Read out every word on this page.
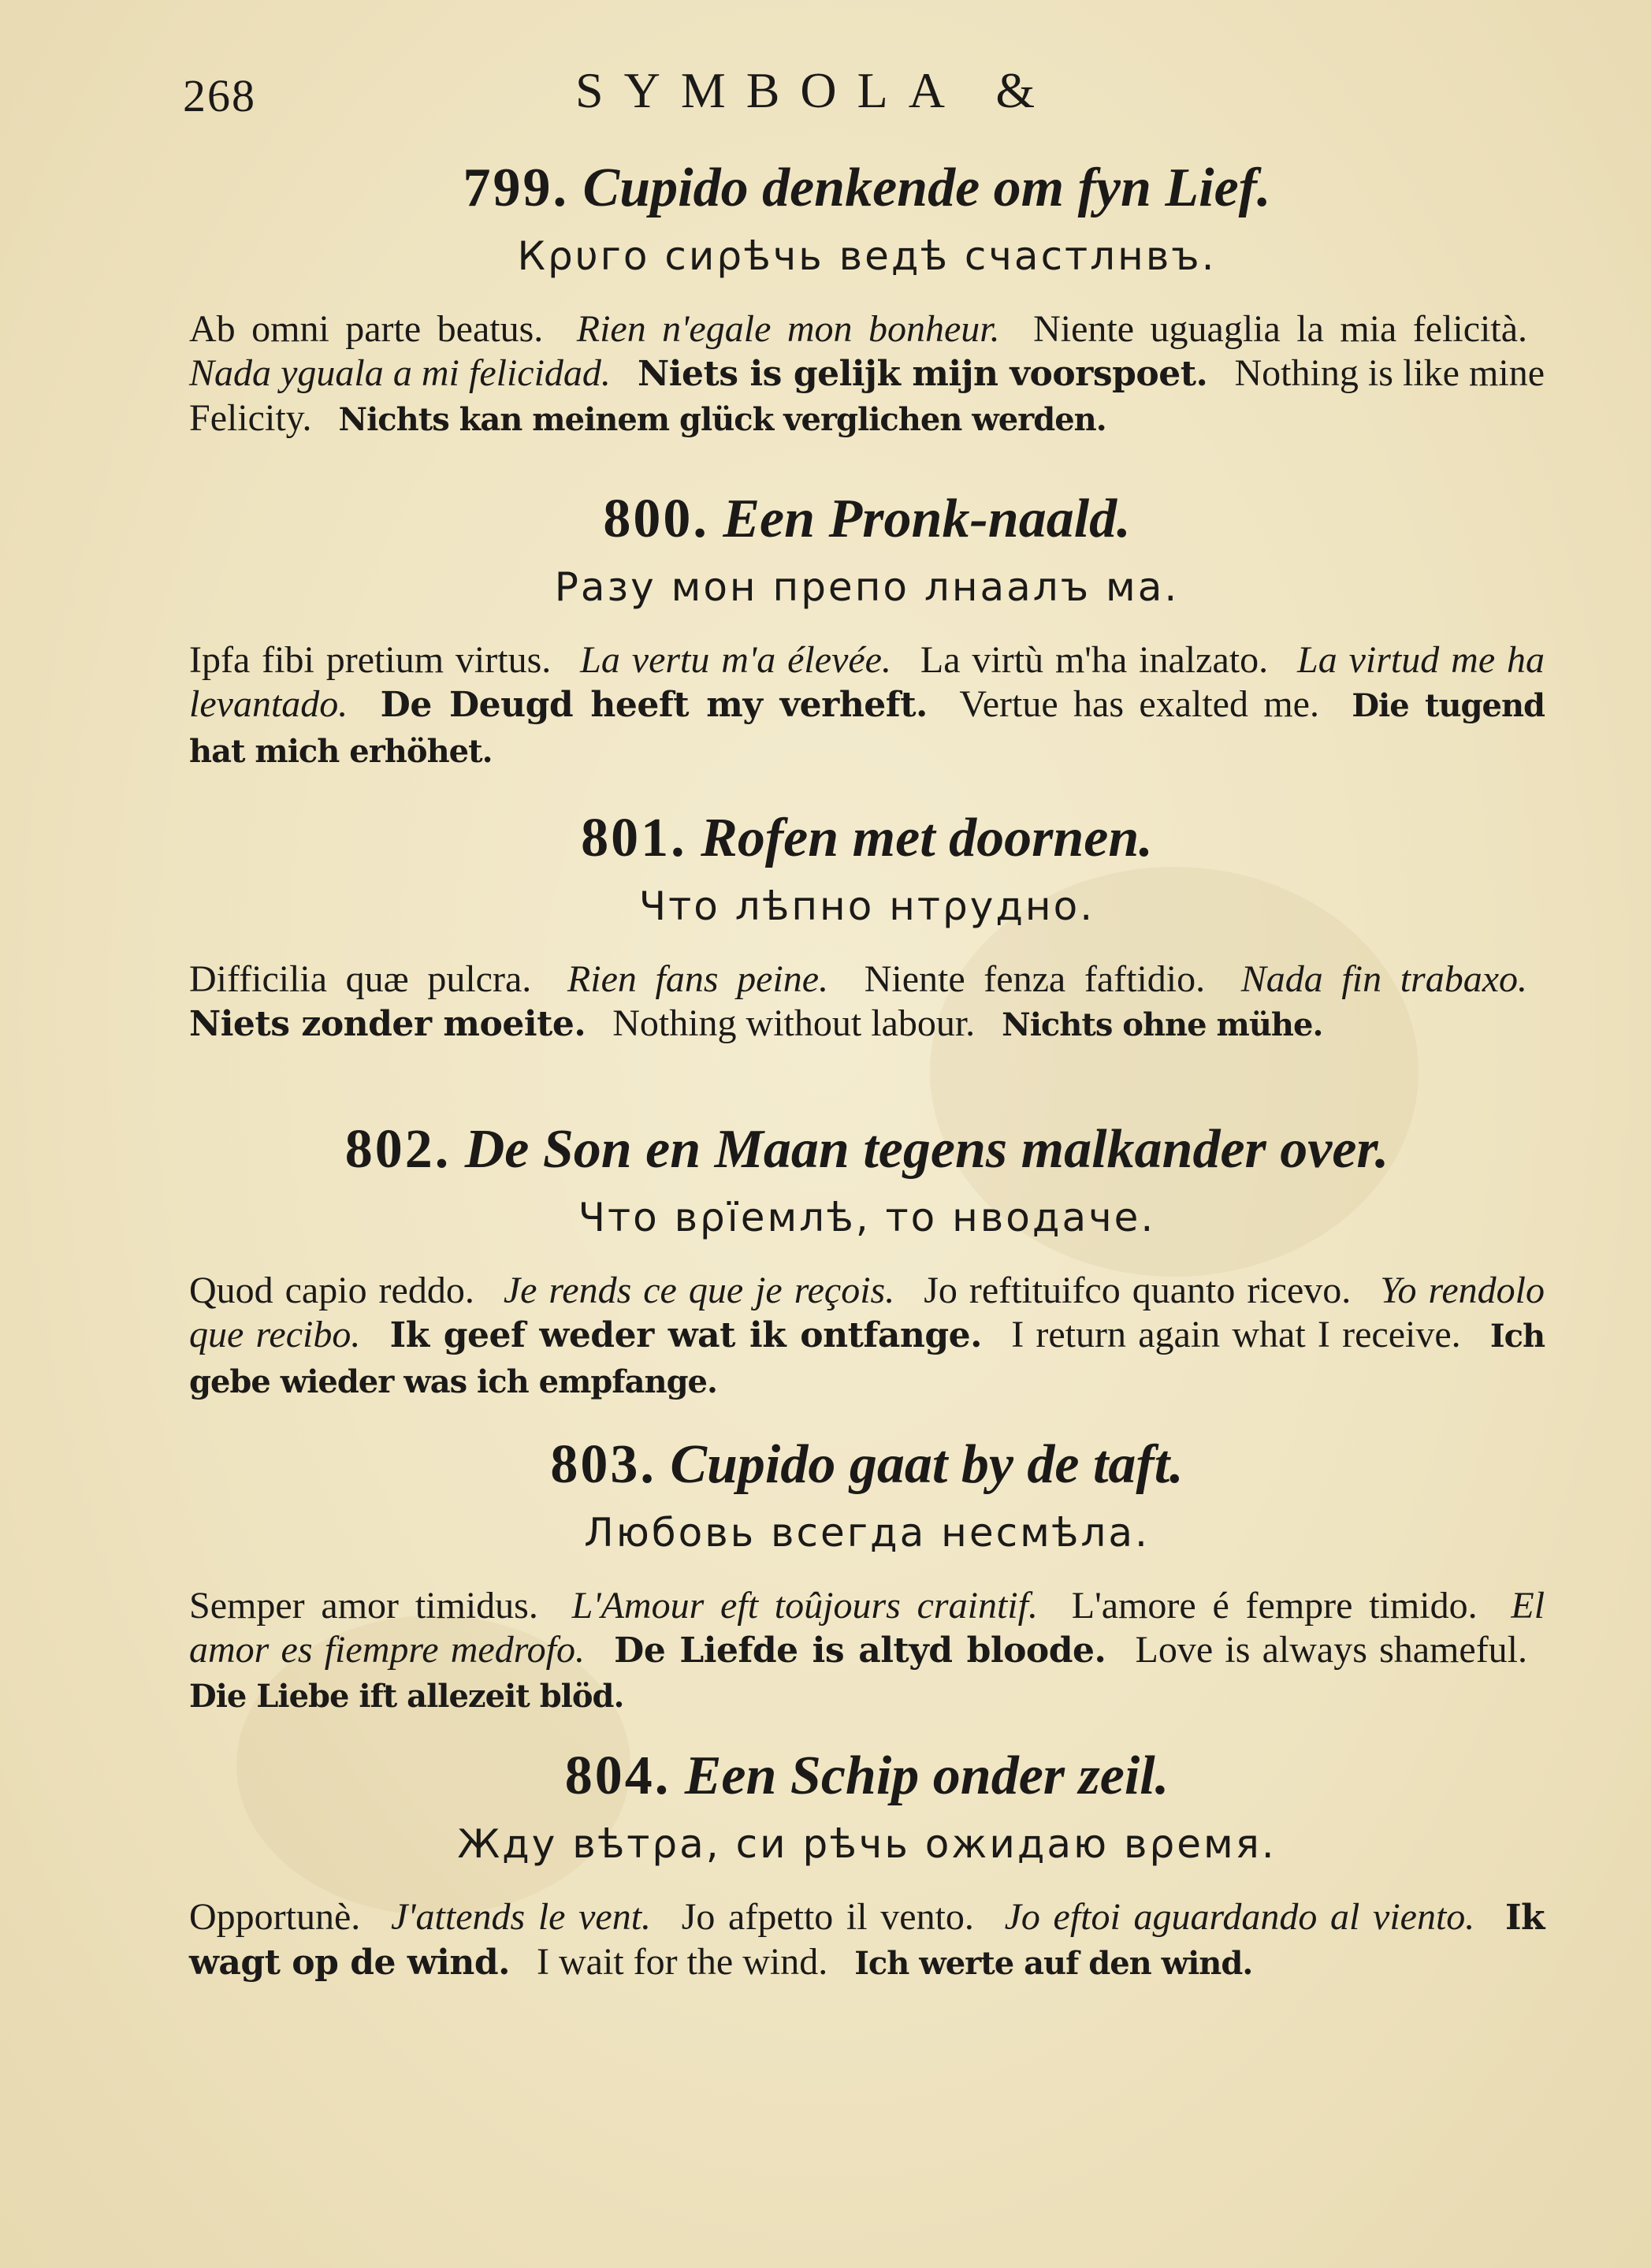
268	SYMBOLA &
799. Cupido denkende om fyn Lief.
Кρυгο сиρѣчь ведѣ счастлнвъ.

Ab omni parte beatus. Rien n'egale mon bonheur. Niente uguaglia la mia felicità. Nada yguala a mi felicidad. Niets is gelijk mijn voorspoet. Nothing is like mine Felicity. Nichts kan meinem glück verglichen werden.

800. Een Pronk-naald.
Ρазу мон препо лнаалъ ма.

Ipfa fibi pretium virtus. La vertu m'a élevée. La virtù m'ha inalzato. La virtud me ha levantado. De Deugd heeft my verheft. Vertue has exalted me. Die tugend hat mich erhöhet.

801. Rofen met doornen.
Что лѣпно нтρудно.

Difficilia quæ pulcra. Rien fans peine. Niente fenza faftidio. Nada fin trabaxo. Niets zonder moeite. Nothing without labour. Nichts ohne mühe.

802. De Son en Maan tegens malkander over.
Что вρїемлѣ, то нводаче.

Quod capio reddo. Je rends ce que je reçois. Jo reftituifco quanto ricevo. Yo rendolo que recibo. Ik geef weder wat ik ontfange. I return again what I receive. Ich gebe wieder was ich empfange.

803. Cupido gaat by de taft.
Любовь всегда несмѣла.

Semper amor timidus. L'Amour eft toûjours craintif. L'amore é fempre timido. El amor es fiempre medrofo. De Liefde is altyd bloode. Love is always shameful. Die Liebe ift allezeit blöd.

804. Een Schip onder zeil.
Жду вѣтρа, си рѣчь ожидаю вρемя.

Opportunè. J'attends le vent. Jo afpetto il vento. Jo eftoi aguardando al viento. Ik wagt op de wind. I wait for the wind. Ich werte auf den wind.
